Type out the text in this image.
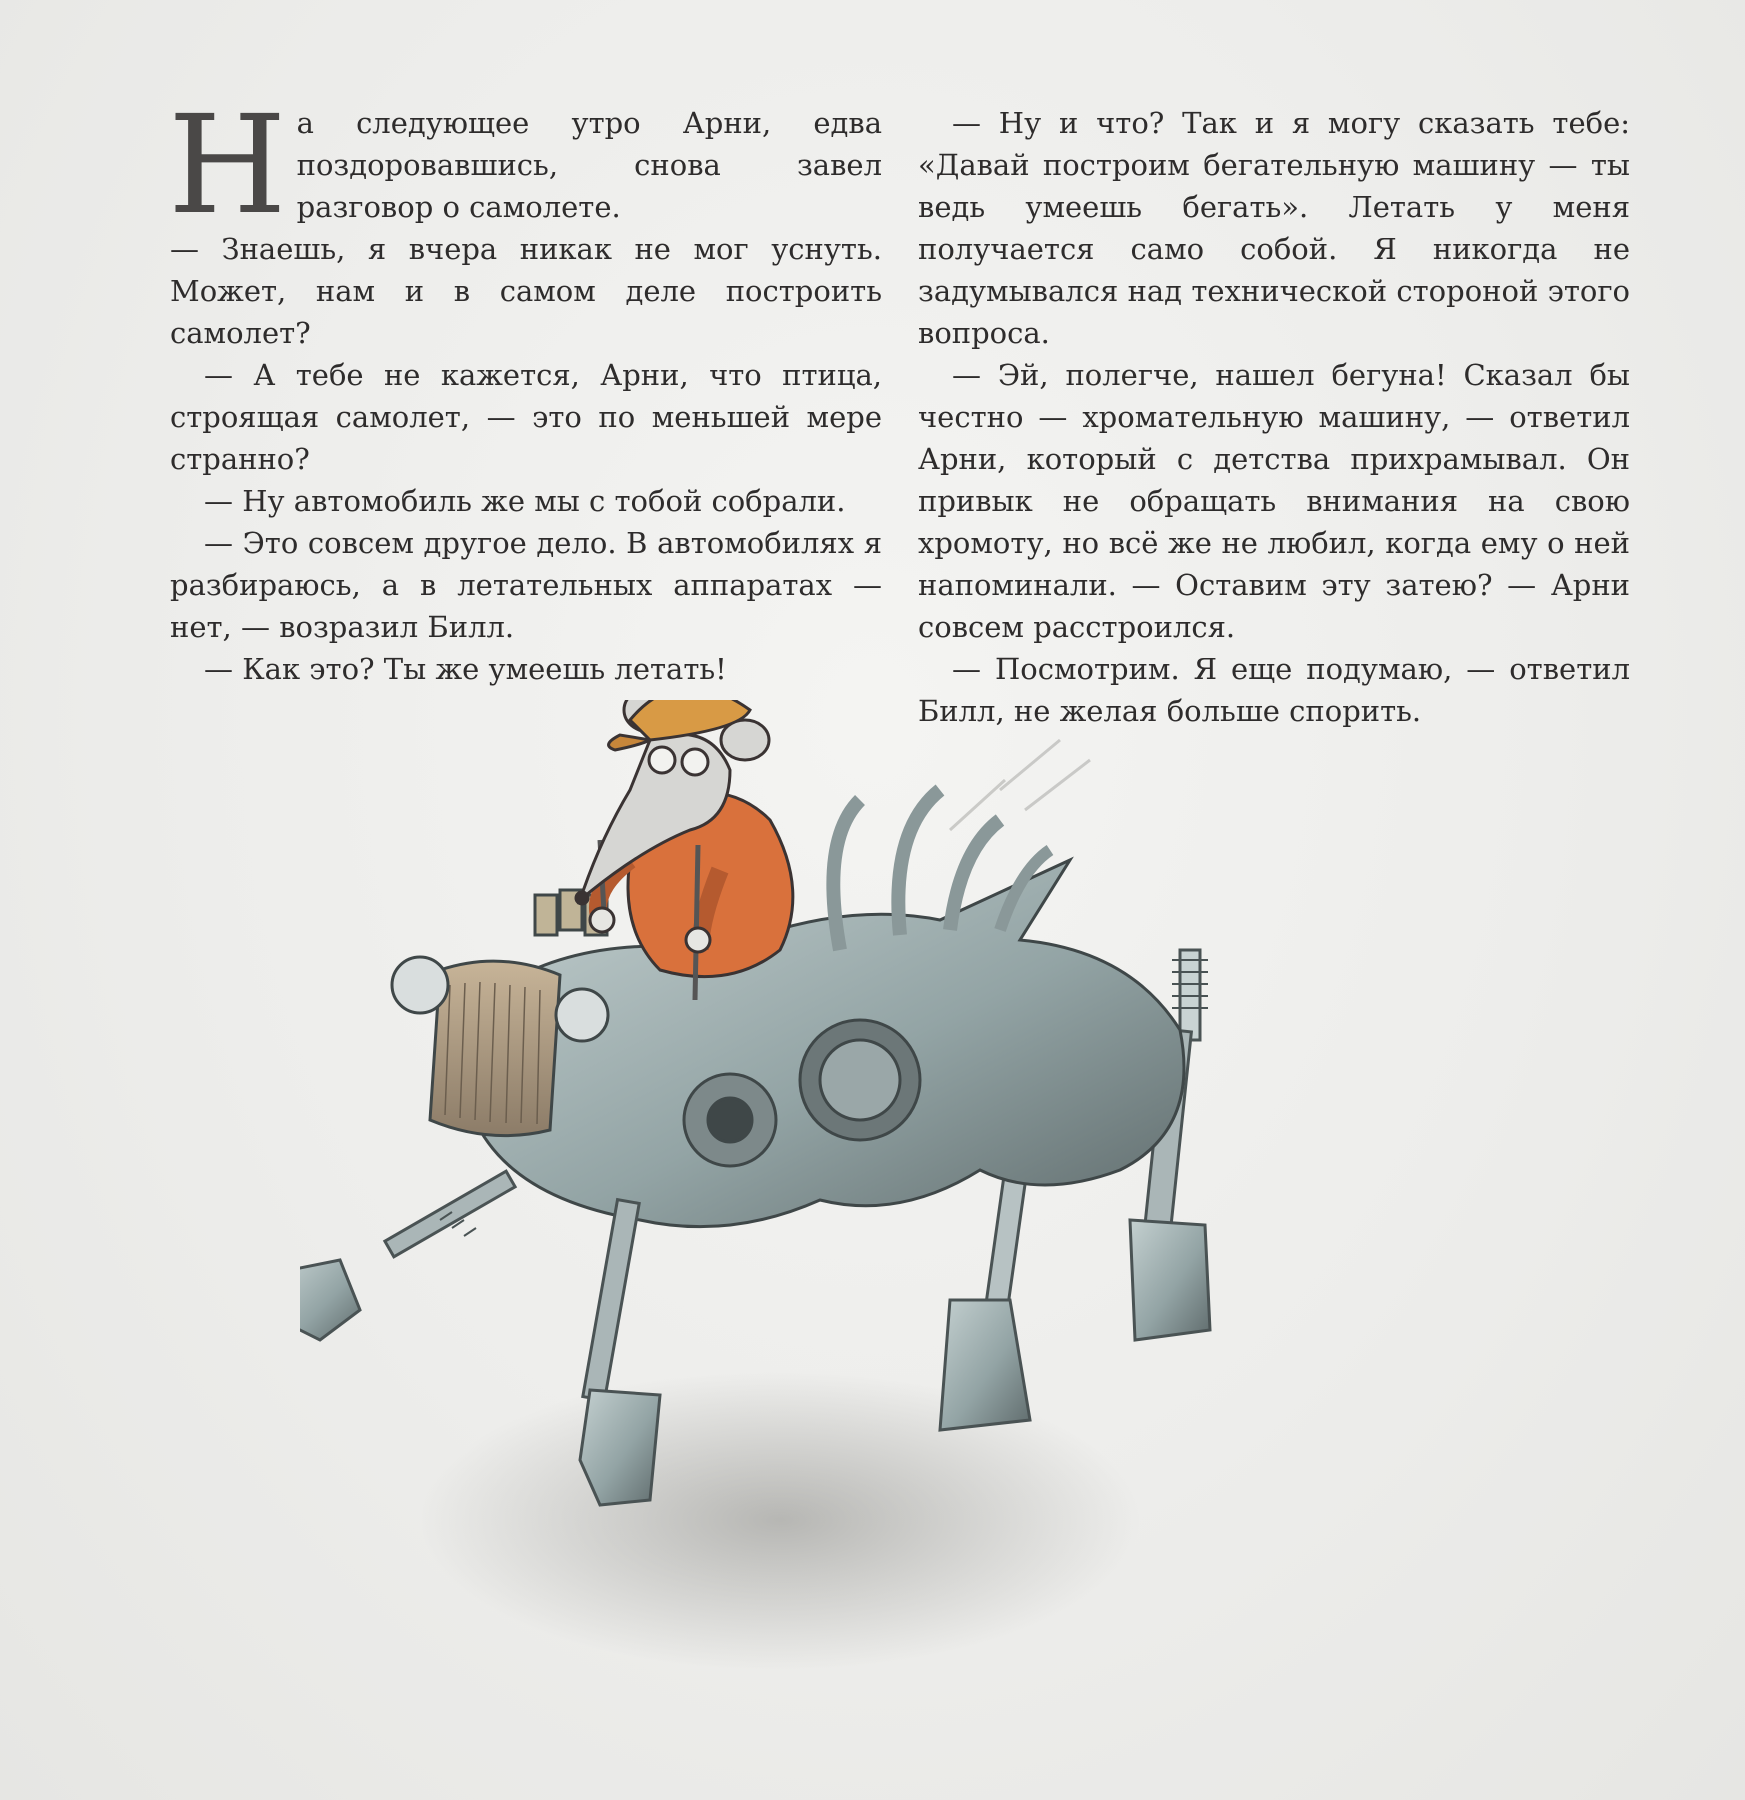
Н а следующее утро Арни, едва поздоровавшись, снова завел разговор о самолете.

— Знаешь, я вчера никак не мог уснуть. Может, нам и в самом деле построить самолет?

— А тебе не кажется, Арни, что птица, строящая самолет, — это по меньшей мере странно?

— Ну автомобиль же мы с тобой собрали.

— Это совсем другое дело. В автомобилях я разбираюсь, а в летательных аппаратах — нет, — возразил Билл.

— Как это? Ты же умеешь летать!

— Ну и что? Так и я могу сказать тебе: «Давай построим бегательную машину — ты ведь умеешь бегать». Летать у меня получается само собой. Я никогда не задумывался над технической стороной этого вопроса.

— Эй, полегче, нашел бегуна! Сказал бы честно — хромательную машину, — ответил Арни, который с детства прихрамывал. Он привык не обращать внимания на свою хромоту, но всё же не любил, когда ему о ней напоминали. — Оставим эту затею? — Арни совсем расстроился.

— Посмотрим. Я еще подумаю, — ответил Билл, не желая больше спорить.
